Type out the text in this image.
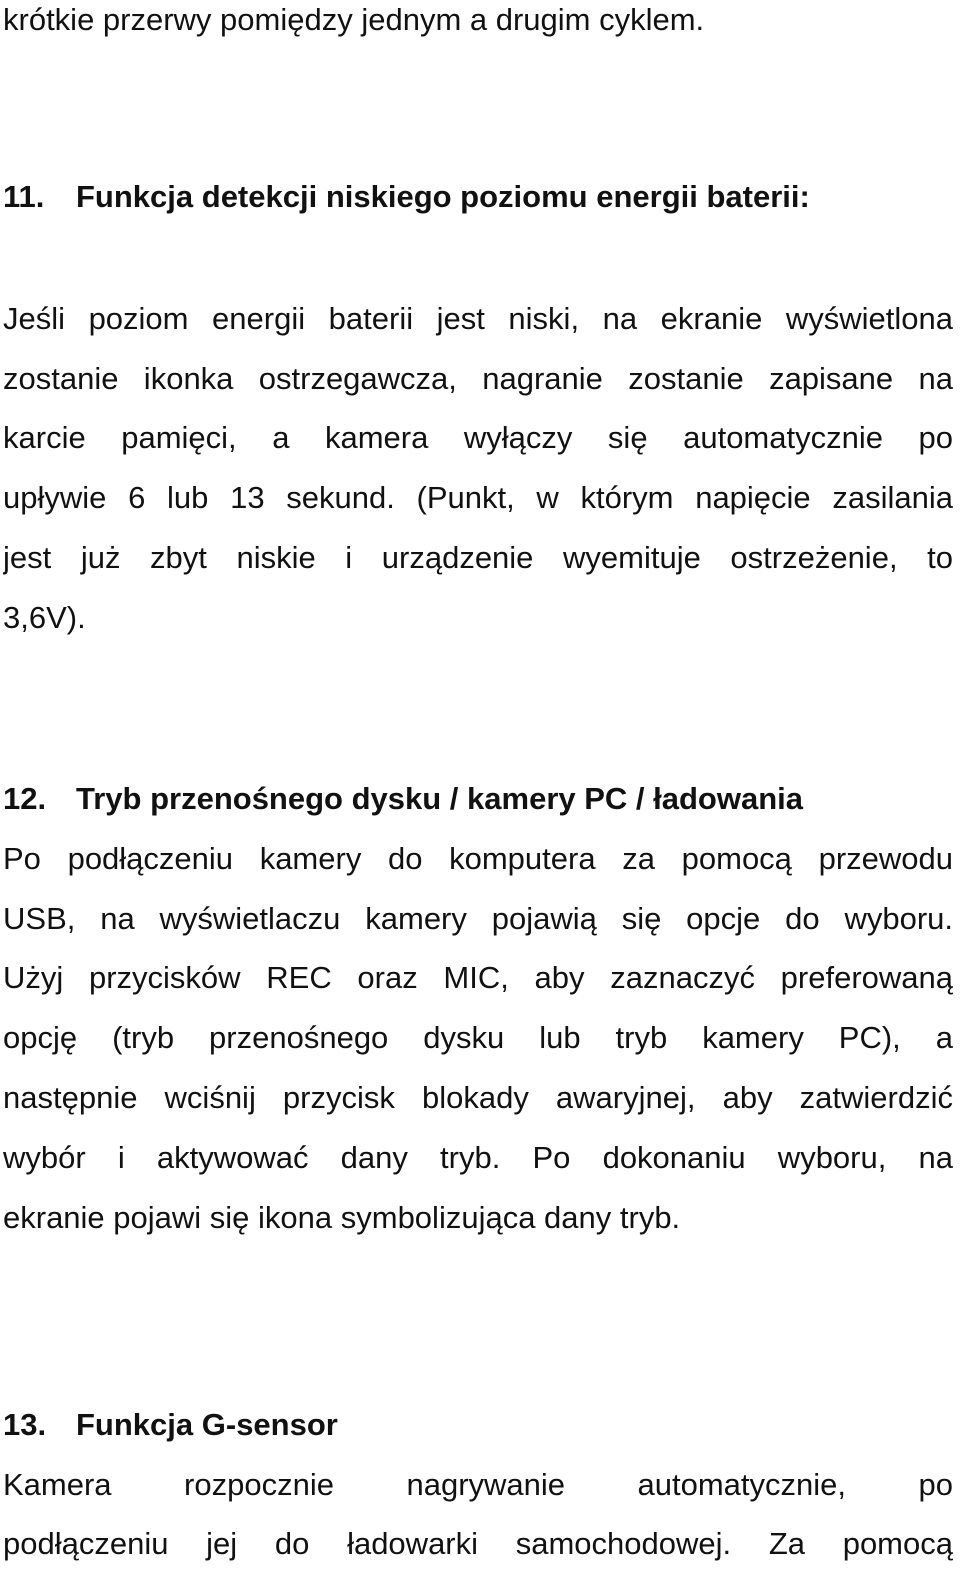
krótkie przerwy pomiędzy jednym a drugim cyklem.
11. Funkcja detekcji niskiego poziomu energii baterii:
Jeśli poziom energii baterii jest niski, na ekranie wyświetlona
zostanie ikonka ostrzegawcza, nagranie zostanie zapisane na
karcie pamięci, a kamera wyłączy się automatycznie po
upływie 6 lub 13 sekund. (Punkt, w którym napięcie zasilania
jest już zbyt niskie i urządzenie wyemituje ostrzeżenie, to
3,6V).
12. Tryb przenośnego dysku / kamery PC / ładowania
Po podłączeniu kamery do komputera za pomocą przewodu
USB, na wyświetlaczu kamery pojawią się opcje do wyboru.
Użyj przycisków REC oraz MIC, aby zaznaczyć preferowaną
opcję (tryb przenośnego dysku lub tryb kamery PC), a
następnie wciśnij przycisk blokady awaryjnej, aby zatwierdzić
wybór i aktywować dany tryb. Po dokonaniu wyboru, na
ekranie pojawi się ikona symbolizująca dany tryb.
13. Funkcja G-sensor
Kamera rozpocznie nagrywanie automatycznie, po
podłączeniu jej do ładowarki samochodowej. Za pomocą
